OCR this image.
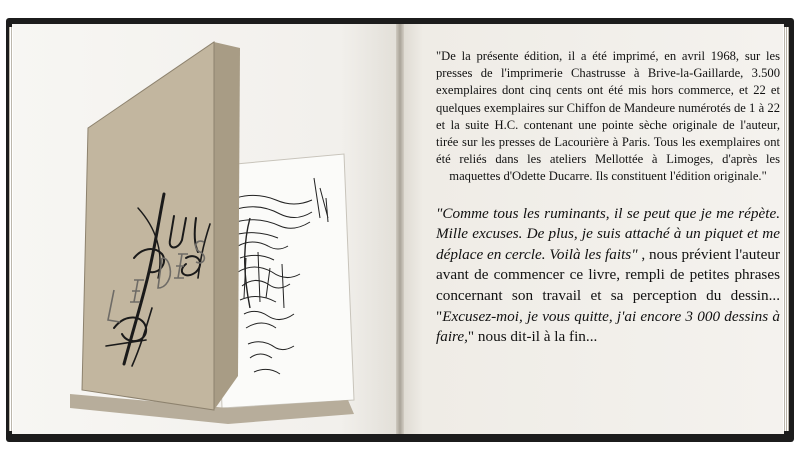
"De la présente édition, il a été imprimé, en avril 1968, sur les presses de l'imprimerie Chastrusse à Brive-la-Gaillarde, 3.500 exemplaires dont cinq cents ont été mis hors commerce, et 22 et quelques exemplaires sur Chiffon de Mandeure numérotés de 1 à 22 et la suite H.C. contenant une pointe sèche originale de l'auteur, tirée sur les presses de Lacourière à Paris. Tous les exemplaires ont été reliés dans les ateliers Mellottée à Limoges, d'après les maquettes d'Odette Ducarre. Ils constituent l'édition originale."

"Comme tous les ruminants, il se peut que je me répète. Mille excuses. De plus, je suis attaché à un piquet et me déplace en cercle. Voilà les faits" , nous prévient l'auteur avant de commencer ce livre, rempli de petites phrases concernant son travail et sa perception du dessin... "Excusez-moi, je vous quitte, j'ai encore 3 000 dessins à faire," nous dit-il à la fin...
